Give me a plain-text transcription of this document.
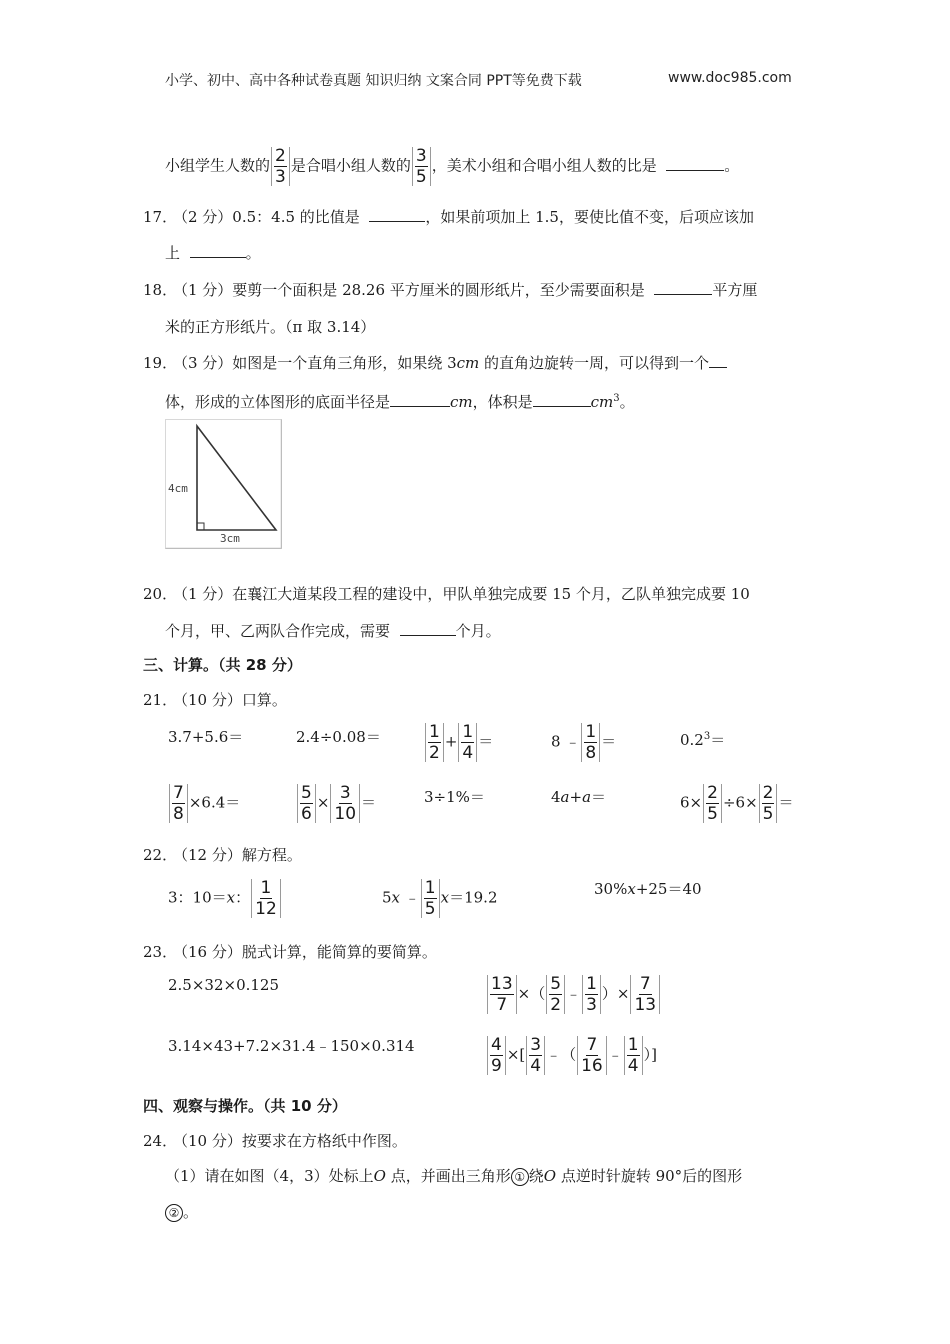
小学、初中、高中各种试卷真题 知识归纳 文案合同 PPT等免费下载	www.doc985.com
小组学生人数的 $\frac{2}{3}$ 是合唱小组人数的 $\frac{3}{5}$ ，美术小组和合唱小组人数的比是	。
17．
（2 分）0.5：4.5 的比值是	，如果前项加上 1.5，要使比值不变，后项应该加
上	。
18．
（1 分）要剪一个面积是 28.26 平方厘米的圆形纸片，至少需要面积是	平方厘
米的正方形纸片。（π 取 3.14）
19．
（3 分）如图是一个直角三角形，如果绕 3cm 的直角边旋转一周，可以得到一个
体，形成的立体图形的底面半径是	cm，体积是	$cm^3$。
4cm
3cm
20．
（1 分）在襄江大道某段工程的建设中，甲队单独完成要 15 个月，乙队单独完成要 10
个月，甲、乙两队合作完成，需要	个月。
三、计算。（共 28 分）
21．
（10 分）口算。
3.7+5.6＝	2.4÷0.08＝	$\frac{1}{2} + \frac{1}{4}$ ＝	8 ﹣ $\frac{1}{8}$ ＝	$0.2^3=$
$\frac{7}{8} \times 6.4=$	$\frac{5}{6} \times \frac{3}{10}$ ＝	3÷1%＝	4a+a＝	$6\times \frac{2}{5} \div 6\times \frac{2}{5}$ ＝
22．
（12 分）解方程。
3：10＝x： $\frac{1}{12}$	5x ﹣ $\frac{1}{5} x=19.2$	30%x+25＝40
23．
（16 分）脱式计算，能简算的要简算。
2.5×32×0.125	$\frac{13}{7}$ ×（ $\frac{5}{2}$ ﹣ $\frac{1}{3}$ ）× $\frac{7}{13}$
3.14×43+7.2×31.4﹣150×0.314	$\frac{4}{9}$ ×[ $\frac{3}{4}$ ﹣（ $\frac{7}{16}$ ﹣ $\frac{1}{4}$ ）]
四、观察与操作。（共 10 分）
24．
（10 分）按要求在方格纸中作图。
（1）请在如图（4，3）处标上O 点，并画出三角形 ① 绕O 点逆时针旋转 90°后的图形
② 。
